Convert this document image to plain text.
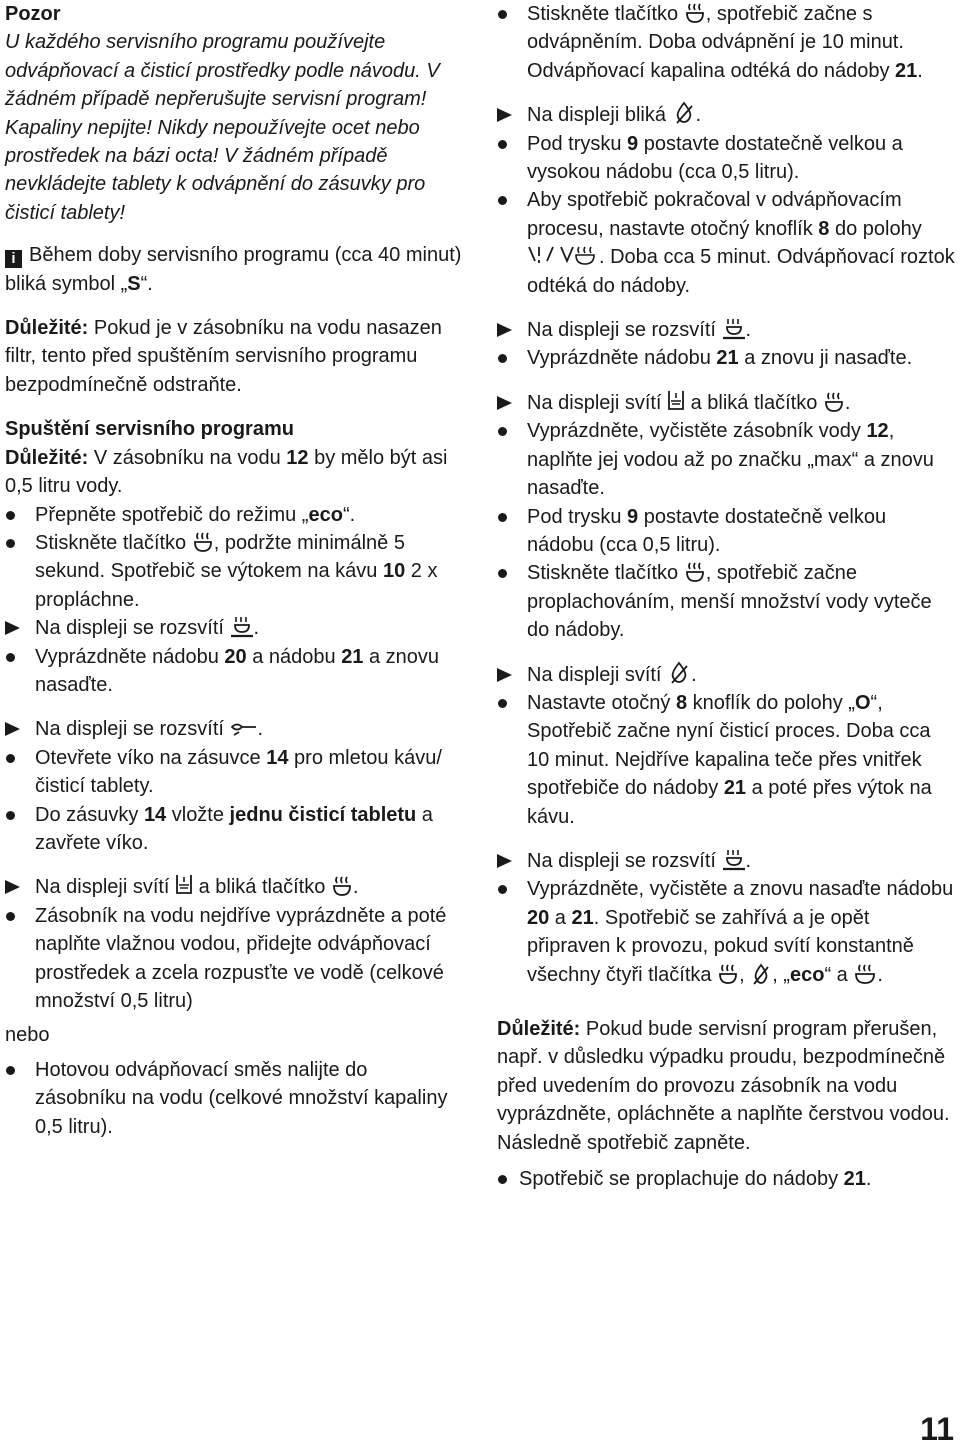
Pozor
U každého servisního programu používejte odvápňovací a čisticí prostředky podle návodu. V žádném případě nepřerušujte servisní program! Kapaliny nepijte! Nikdy nepoužívejte ocet nebo prostředek na bázi octa! V žádném případě nevkládejte tablety k odvápnění do zásuvky pro čisticí tablety!
i Během doby servisního programu (cca 40 minut) bliká symbol „S“.
Důležité: Pokud je v zásobníku na vodu nasazen filtr, tento před spuštěním servisního programu bezpodmínečně odstraňte.
Spuštění servisního programu
Důležité: V zásobníku na vodu 12 by mělo být asi 0,5 litru vody.
Přepněte spotřebič do režimu „eco“.
Stiskněte tlačítko
, podržte minimálně 5 sekund. Spotřebič se výtokem na kávu 10 2 x propláchne.
Na displeji se rozsvítí
.
Vyprázdněte nádobu 20 a nádobu 21 a znovu nasaďte.
Na displeji se rozsvítí
.
Otevřete víko na zásuvce 14 pro mletou kávu/čisticí tablety.
Do zásuvky 14 vložte jednu čisticí tabletu a zavřete víko.
Na displeji svítí
a bliká tlačítko
.
Zásobník na vodu nejdříve vyprázdněte a poté naplňte vlažnou vodou, přidejte odvápňovací prostředek a zcela rozpusťte ve vodě (celkové množství 0,5 litru)
nebo
Hotovou odvápňovací směs nalijte do zásobníku na vodu (celkové množství kapaliny 0,5 litru).
Stiskněte tlačítko
, spotřebič začne s odvápněním. Doba odvápnění je 10 minut. Odvápňovací kapalina odtéká do nádoby 21.
Na displeji bliká
.
Pod trysku 9 postavte dostatečně velkou a vysokou nádobu (cca 0,5 litru).
Aby spotřebič pokračoval v odvápňovacím procesu, nastavte otočný knoflík 8 do polohy
. Doba cca 5 minut. Odvápňovací roztok odtéká do nádoby.
Na displeji se rozsvítí
.
Vyprázdněte nádobu 21 a znovu ji nasaďte.
Na displeji svítí
a bliká tlačítko
.
Vyprázdněte, vyčistěte zásobník vody 12, naplňte jej vodou až po značku „max“ a znovu nasaďte.
Pod trysku 9 postavte dostatečně velkou nádobu (cca 0,5 litru).
Stiskněte tlačítko
, spotřebič začne proplachováním, menší množství vody vyteče do nádoby.
Na displeji svítí
.
Nastavte otočný 8 knoflík do polohy „O“, Spotřebič začne nyní čisticí proces. Doba cca 10 minut. Nejdříve kapalina teče přes vnitřek spotřebiče do nádoby 21 a poté přes výtok na kávu.
Na displeji se rozsvítí
.
Vyprázdněte, vyčistěte a znovu nasaďte nádobu 20 a 21. Spotřebič se zahřívá a je opět připraven k provozu, pokud svítí konstantně všechny čtyři tlačítka
,
, „eco“ a
.
Důležité: Pokud bude servisní program přerušen, např. v důsledku výpadku proudu, bezpodmínečně před uvedením do provozu zásobník na vodu vyprázdněte, opláchněte a naplňte čerstvou vodou.
Následně spotřebič zapněte.
Spotřebič se proplachuje do nádoby 21.
11
